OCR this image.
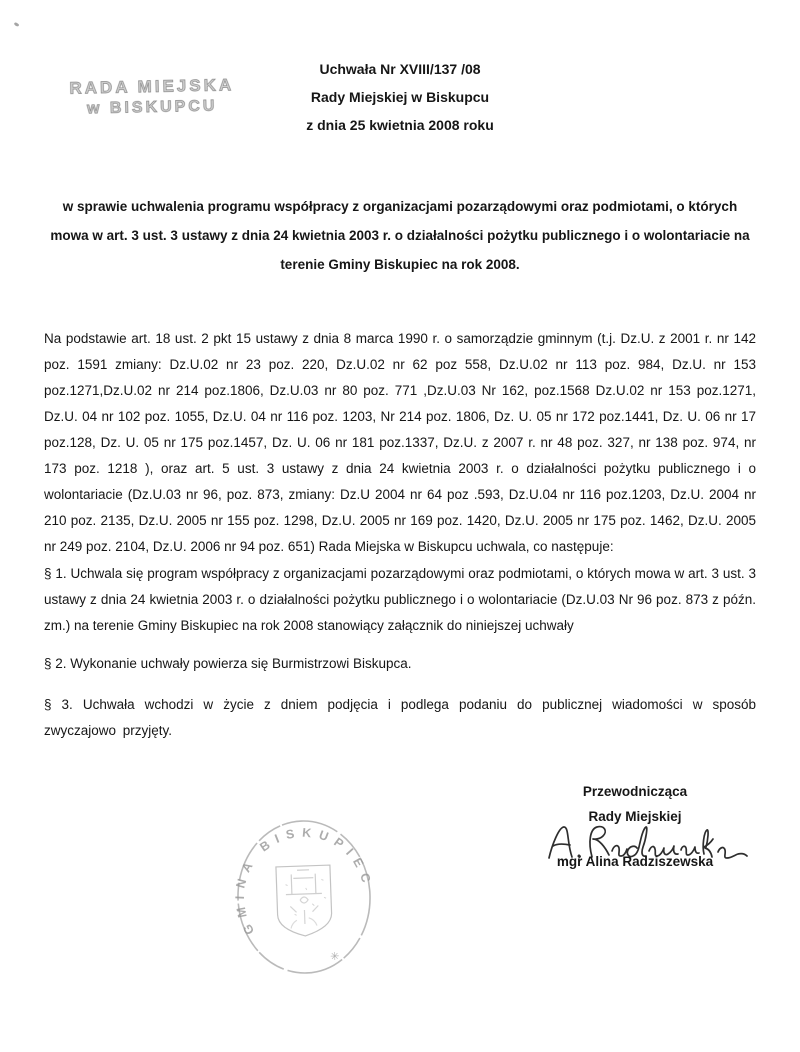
RADA MIEJSKA
w BISKUPCU
Uchwała Nr XVIII/137 /08
Rady Miejskiej w Biskupcu
z dnia 25 kwietnia 2008 roku
w sprawie uchwalenia programu współpracy z organizacjami pozarządowymi oraz podmiotami, o których mowa w art. 3 ust. 3 ustawy z dnia 24 kwietnia 2003 r. o działalności pożytku publicznego i o wolontariacie na terenie Gminy Biskupiec na rok 2008.
Na podstawie art. 18 ust. 2 pkt 15 ustawy z dnia 8 marca 1990 r. o samorządzie gminnym (t.j. Dz.U. z 2001 r. nr 142 poz. 1591 zmiany: Dz.U.02 nr 23 poz. 220, Dz.U.02 nr 62 poz 558, Dz.U.02 nr 113 poz. 984, Dz.U. nr 153 poz.1271,Dz.U.02 nr 214 poz.1806, Dz.U.03 nr 80 poz. 771 ,Dz.U.03 Nr 162, poz.1568 Dz.U.02 nr 153 poz.1271, Dz.U. 04 nr 102 poz. 1055, Dz.U. 04 nr 116 poz. 1203, Nr 214 poz. 1806, Dz. U. 05 nr 172 poz.1441, Dz. U. 06 nr 17 poz.128, Dz. U. 05 nr 175 poz.1457, Dz. U. 06 nr 181 poz.1337, Dz.U. z 2007 r. nr 48 poz. 327, nr 138 poz. 974, nr 173 poz. 1218 ), oraz art. 5 ust. 3 ustawy z dnia 24 kwietnia 2003 r. o działalności pożytku publicznego i o wolontariacie (Dz.U.03 nr 96, poz. 873, zmiany: Dz.U 2004 nr 64 poz .593, Dz.U.04 nr 116 poz.1203, Dz.U. 2004 nr 210 poz. 2135, Dz.U. 2005 nr 155 poz. 1298, Dz.U. 2005 nr 169 poz. 1420, Dz.U. 2005 nr 175 poz. 1462, Dz.U. 2005 nr 249 poz. 2104, Dz.U. 2006 nr 94 poz. 651) Rada Miejska w Biskupcu uchwala, co następuje:
§ 1. Uchwala się program współpracy z organizacjami pozarządowymi oraz podmiotami, o których mowa w art. 3 ust. 3 ustawy z dnia 24 kwietnia 2003 r. o działalności pożytku publicznego i o wolontariacie (Dz.U.03 Nr 96 poz. 873 z późn. zm.) na terenie Gminy Biskupiec na rok 2008 stanowiący załącznik do niniejszej uchwały
§ 2. Wykonanie uchwały powierza się Burmistrzowi Biskupca.
§ 3. Uchwała wchodzi w życie z dniem podjęcia i podlega podaniu do publicznej wiadomości w sposób zwyczajowo przyjęty.
Przewodnicząca
Rady Miejskiej
mgr Alina Radziszewska
GMINA BISKUPIEC
✳
